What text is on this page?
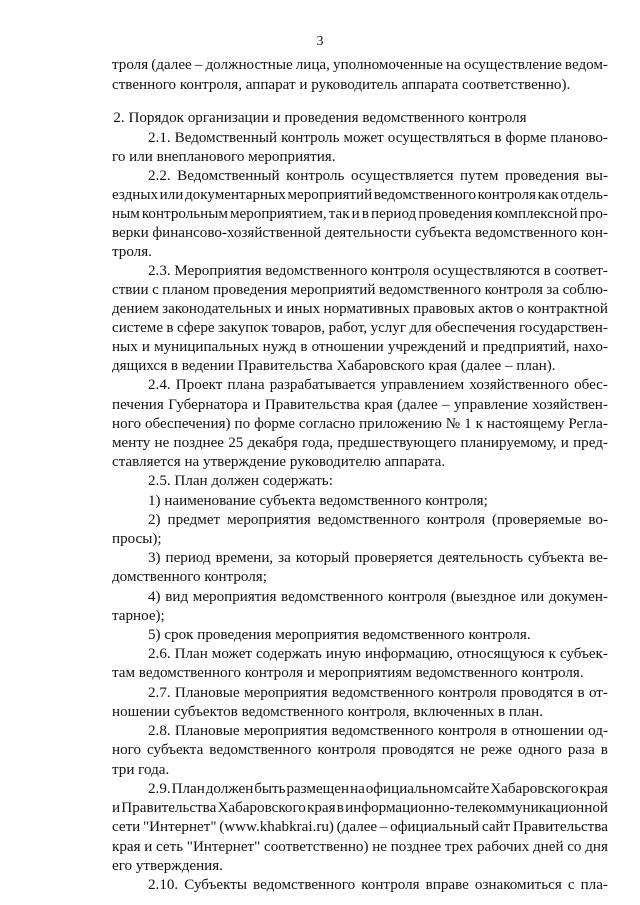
3
троля (далее – должностные лица, уполномоченные на осуществление ведом-
ственного контроля, аппарат и руководитель аппарата соответственно).
2. Порядок организации и проведения ведомственного контроля
2.1. Ведомственный контроль может осуществляться в форме планово-
го или внепланового мероприятия.
2.2. Ведомственный контроль осуществляется путем проведения вы-
ездных или документарных мероприятий ведомственного контроля как отдель-
ным контрольным мероприятием, так и в период проведения комплексной про-
верки финансово-хозяйственной деятельности субъекта ведомственного кон-
троля.
2.3. Мероприятия ведомственного контроля осуществляются в соответ-
ствии с планом проведения мероприятий ведомственного контроля за соблю-
дением законодательных и иных нормативных правовых актов о контрактной
системе в сфере закупок товаров, работ, услуг для обеспечения государствен-
ных и муниципальных нужд в отношении учреждений и предприятий, нахо-
дящихся в ведении Правительства Хабаровского края (далее – план).
2.4. Проект плана разрабатывается управлением хозяйственного обес-
печения Губернатора и Правительства края (далее – управление хозяйствен-
ного обеспечения) по форме согласно приложению № 1 к настоящему Регла-
менту не позднее 25 декабря года, предшествующего планируемому, и пред-
ставляется на утверждение руководителю аппарата.
2.5. План должен содержать:
1) наименование субъекта ведомственного контроля;
2) предмет мероприятия ведомственного контроля (проверяемые во-
просы);
3) период времени, за который проверяется деятельность субъекта ве-
домственного контроля;
4) вид мероприятия ведомственного контроля (выездное или докумен-
тарное);
5) срок проведения мероприятия ведомственного контроля.
2.6. План может содержать иную информацию, относящуюся к субъек-
там ведомственного контроля и мероприятиям ведомственного контроля.
2.7. Плановые мероприятия ведомственного контроля проводятся в от-
ношении субъектов ведомственного контроля, включенных в план.
2.8. Плановые мероприятия ведомственного контроля в отношении од-
ного субъекта ведомственного контроля проводятся не реже одного раза в
три года.
2.9. План должен быть размещен на официальном сайте Хабаровского края
и Правительства Хабаровского края в информационно-телекоммуникационной
сети "Интернет" (www.khabkrai.ru) (далее – официальный сайт Правительства
края и сеть "Интернет" соответственно) не позднее трех рабочих дней со дня
его утверждения.
2.10. Субъекты ведомственного контроля вправе ознакомиться с пла-
